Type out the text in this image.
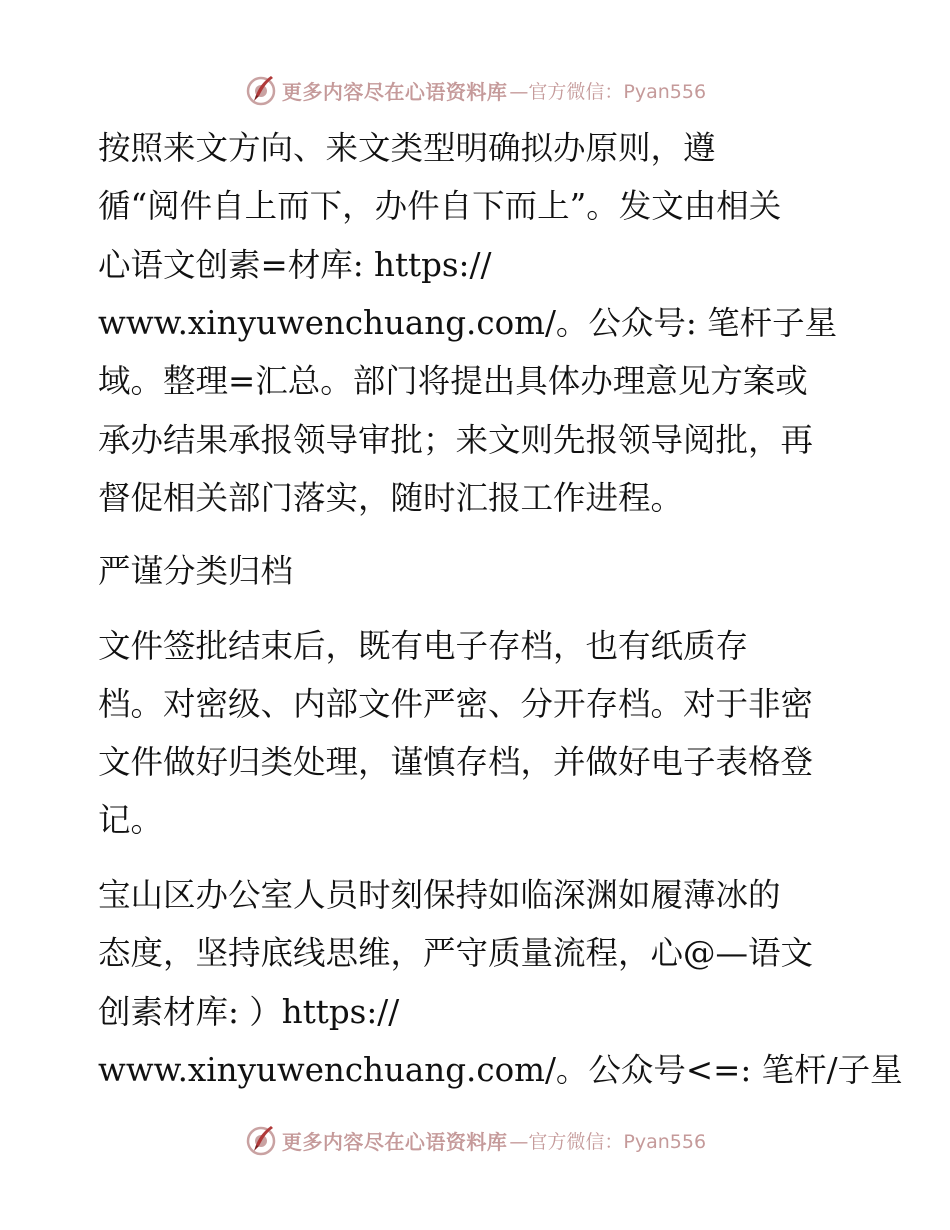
更多内容尽在心语资料库 —官方微信：Pyan556
按照来文方向、来文类型明确拟办原则，遵
循“阅件自上而下，办件自下而上”。发文由相关
心语文创素=材库: https://
www.xinyuwenchuang.com/。公众号: 笔杆子星
域。整理=汇总。部门将提出具体办理意见方案或
承办结果承报领导审批；来文则先报领导阅批，再
督促相关部门落实，随时汇报工作进程。
严谨分类归档
文件签批结束后，既有电子存档，也有纸质存
档。对密级、内部文件严密、分开存档。对于非密
文件做好归类处理，谨慎存档，并做好电子表格登
记。
宝山区办公室人员时刻保持如临深渊如履薄冰的
态度，坚持底线思维，严守质量流程，心@—语文
创素材库: ）https://
www.xinyuwenchuang.com/。公众号<=: 笔杆/子星
更多内容尽在心语资料库 —官方微信：Pyan556
